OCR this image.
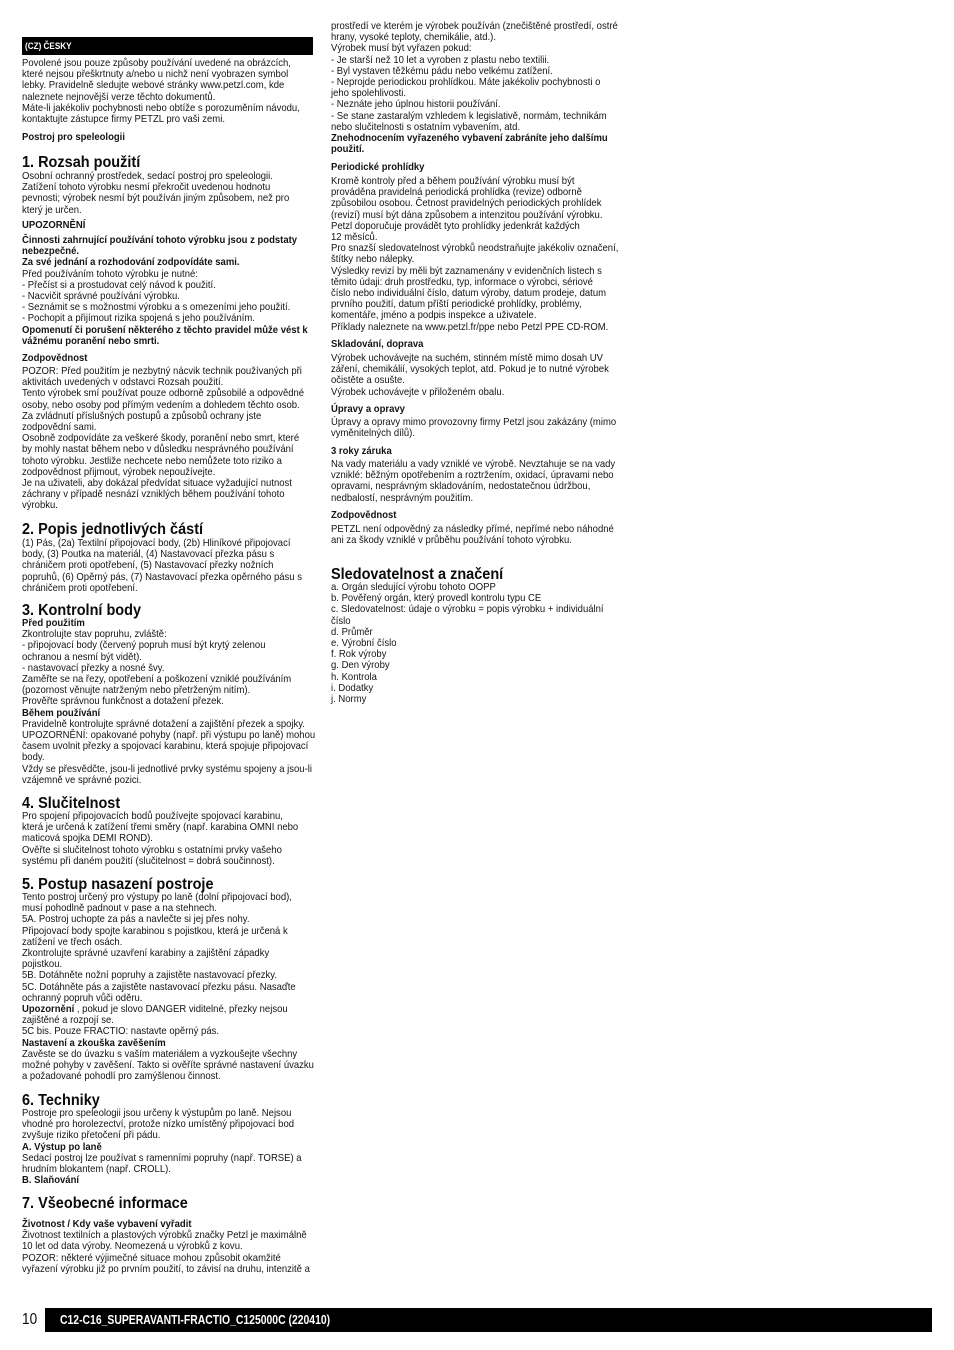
(CZ) ČESKY
Povolené jsou pouze způsoby používání uvedené na obrázcích,
které nejsou přeškrtnuty a/nebo u nichž není vyobrazen symbol
lebky. Pravidelně sledujte webové stránky www.petzl.com, kde
naleznete nejnovější verze těchto dokumentů.
Máte-li jakékoliv pochybnosti nebo obtíže s porozuměním návodu,
kontaktujte zástupce firmy PETZL pro vaši zemi.
Postroj pro speleologii
1. Rozsah použití
Osobní ochranný prostředek, sedací postroj pro speleologii.
Zatížení tohoto výrobku nesmí překročit uvedenou hodnotu
pevnosti; výrobek nesmí být používán jiným způsobem, než pro
který je určen.
UPOZORNĚNÍ
Činnosti zahrnující používání tohoto výrobku jsou z podstaty
nebezpečné.
Za své jednání a rozhodování zodpovídáte sami.
Před používáním tohoto výrobku je nutné:
- Přečíst si a prostudovat celý návod k použití.
- Nacvičit správné používání výrobku.
- Seznámit se s možnostmi výrobku a s omezeními jeho použití.
- Pochopit a přijímout rizika spojená s jeho používáním.
Opomenutí či porušení některého z těchto pravidel může vést k
vážnému poranění nebo smrti.
Zodpovědnost
POZOR: Před použitím je nezbytný nácvik technik používaných při
aktivitách uvedených v odstavci Rozsah použití.
Tento výrobek smí používat pouze odborně způsobilé a odpovědné
osoby, nebo osoby pod přímým vedením a dohledem těchto osob.
Za zvládnutí příslušných postupů a způsobů ochrany jste
zodpovědní sami.
Osobně zodpovídáte za veškeré škody, poranění nebo smrt, které
by mohly nastat během nebo v důsledku nesprávného používání
tohoto výrobku. Jestliže nechcete nebo nemůžete toto riziko a
zodpovědnost přijmout, výrobek nepoužívejte.
Je na uživateli, aby dokázal předvídat situace vyžadující nutnost
záchrany v případě nesnází vzniklých během používání tohoto
výrobku.
2. Popis jednotlivých částí
(1) Pás, (2a) Textilní připojovací body, (2b) Hliníkové připojovací
body, (3) Poutka na materiál, (4) Nastavovací přezka pásu s
chráničem proti opotřebení, (5) Nastavovací přezky nožních
popruhů, (6) Opěrný pás, (7) Nastavovací přezka opěrného pásu s
chráničem proti opotřebení.
3. Kontrolní body
Před použitím
Zkontrolujte stav popruhu, zvláště:
- připojovací body (červený popruh musí být krytý zelenou
ochranou a nesmí být vidět).
- nastavovací přezky a nosné švy.
Zaměřte se na řezy, opotřebení a poškození vzniklé používáním
(pozornost věnujte natrženým nebo přetrženým nitím).
Prověřte správnou funkčnost a dotažení přezek.
Během používání
Pravidelně kontrolujte správné dotažení a zajištění přezek a spojky.
UPOZORNĚNÍ: opakované pohyby (např. při výstupu po laně) mohou
časem uvolnit přezky a spojovací karabinu, která spojuje připojovací
body.
Vždy se přesvědčte, jsou-li jednotlivé prvky systému spojeny a jsou-li
vzájemně ve správné pozici.
4. Slučitelnost
Pro spojení připojovacích bodů používejte spojovací karabinu,
která je určená k zatížení třemi směry (např. karabina OMNI nebo
maticová spojka DEMI ROND).
Ověřte si slučitelnost tohoto výrobku s ostatními prvky vašeho
systému při daném použití (slučitelnost = dobrá součinnost).
5. Postup nasazení postroje
Tento postroj určený pro výstupy po laně (dolní připojovací bod),
musí pohodlně padnout v pase a na stehnech.
5A. Postroj uchopte za pás a navlečte si jej přes nohy.
Připojovací body spojte karabinou s pojistkou, která je určená k
zatížení ve třech osách.
Zkontrolujte správné uzavření karabiny a zajištění západky
pojistkou.
5B. Dotáhněte nožní popruhy a zajistěte nastavovací přezky.
5C. Dotáhněte pás a zajistěte nastavovací přezku pásu. Nasaďte
ochranný popruh vůči oděru.
Upozornění , pokud je slovo DANGER viditelné, přezky nejsou
zajištěné a rozpojí se.
5C bis. Pouze FRACTIO: nastavte opěrný pás.
Nastavení a zkouška zavěšením
Zavěste se do úvazku s vaším materiálem a vyzkoušejte všechny
možné pohyby v zavěšení. Takto si ověříte správné nastavení úvazku
a požadované pohodlí pro zamýšlenou činnost.
6. Techniky
Postroje pro speleologii jsou určeny k výstupům po laně. Nejsou
vhodné pro horolezectví, protože nízko umístěný připojovací bod
zvyšuje riziko přetočení při pádu.
A. Výstup po laně
Sedací postroj lze používat s ramenními popruhy (např. TORSE) a
hrudním blokantem (např. CROLL).
B. Slaňování
7. Všeobecné informace
Životnost / Kdy vaše vybavení vyřadit
Životnost textilních a plastových výrobků značky Petzl je maximálně
10 let od data výroby. Neomezená u výrobků z kovu.
POZOR: některé výjimečné situace mohou způsobit okamžité
vyřazení výrobku již po prvním použití, to závisí na druhu, intenzitě a
prostředí ve kterém je výrobek používán (znečištěné prostředí, ostré
hrany, vysoké teploty, chemikálie, atd.).
Výrobek musí být vyřazen pokud:
- Je starší než 10 let a vyroben z plastu nebo textilii.
- Byl vystaven těžkému pádu nebo velkému zatížení.
- Neprojde periodickou prohlídkou. Máte jakékoliv pochybnosti o
jeho spolehlivosti.
- Neznáte jeho úplnou historii používání.
- Se stane zastaralým vzhledem k legislativě, normám, technikám
nebo slučitelnosti s ostatním vybavením, atd.
Znehodnocením vyřazeného vybavení zabráníte jeho dalšímu
použití.
Periodické prohlídky
Kromě kontroly před a během používání výrobku musí být
prováděna pravidelná periodická prohlídka (revize) odborně
způsobilou osobou. Četnost pravidelných periodických prohlídek
(revizí) musí být dána způsobem a intenzitou používání výrobku.
Petzl doporučuje provádět tyto prohlídky jedenkrát každých
12 měsíců.
Pro snazší sledovatelnost výrobků neodstraňujte jakékoliv označení,
štítky nebo nálepky.
Výsledky revizí by měli být zaznamenány v evidenčních listech s
těmito údaji: druh prostředku, typ, informace o výrobci, sériové
číslo nebo individuální číslo, datum výroby, datum prodeje, datum
prvního použití, datum příští periodické prohlídky, problémy,
komentáře, jméno a podpis inspekce a uživatele.
Příklady naleznete na www.petzl.fr/ppe nebo Petzl PPE CD-ROM.
Skladování, doprava
Výrobek uchovávejte na suchém, stinném místě mimo dosah UV
záření, chemikálií, vysokých teplot, atd. Pokud je to nutné výrobek
očistěte a osušte.
Výrobek uchovávejte v přiloženém obalu.
Úpravy a opravy
Úpravy a opravy mimo provozovny firmy Petzl jsou zakázány (mimo
vyměnitelných dílů).
3 roky záruka
Na vady materiálu a vady vzniklé ve výrobě. Nevztahuje se na vady
vzniklé: běžným opotřebením a roztržením, oxidací, úpravami nebo
opravami, nesprávným skladováním, nedostatečnou údržbou,
nedbalostí, nesprávným použitím.
Zodpovědnost
PETZL není odpovědný za následky přímé, nepřímé nebo náhodné
ani za škody vzniklé v průběhu používání tohoto výrobku.
Sledovatelnost a značení
a. Orgán sledující výrobu tohoto OOPP
b. Pověřený orgán, který provedl kontrolu typu CE
c. Sledovatelnost: údaje o výrobku = popis výrobku + individuální
číslo
d. Průměr
e. Výrobní číslo
f. Rok výroby
g. Den výroby
h. Kontrola
i. Dodatky
j. Normy
10 C12-C16_SUPERAVANTI-FRACTIO_C125000C (220410)
